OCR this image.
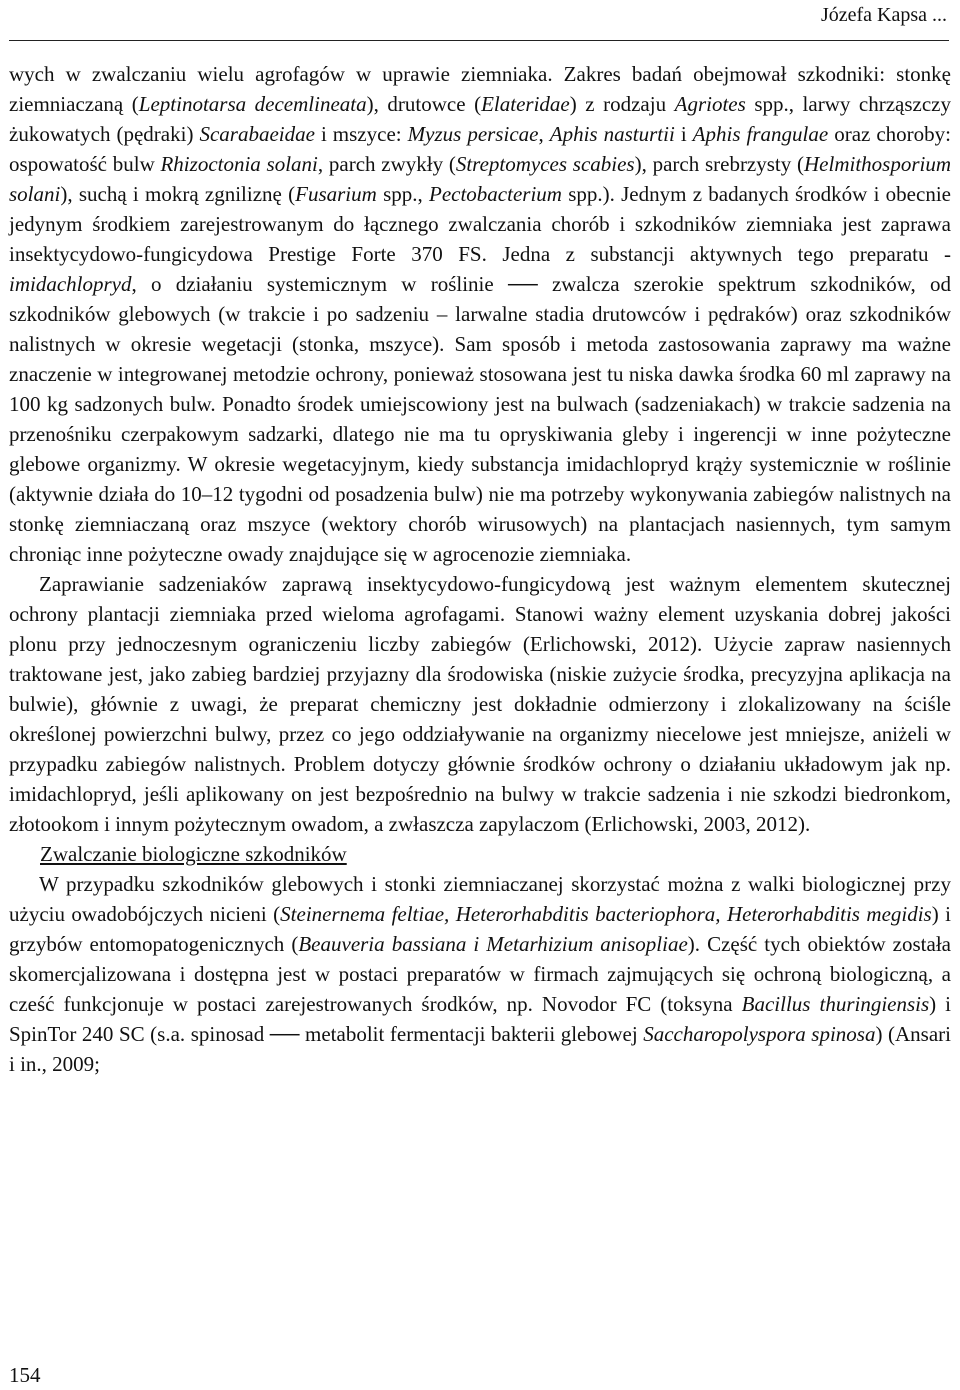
Józefa Kapsa ...

wych w zwalczaniu wielu agrofagów w uprawie ziemniaka. Zakres badań obejmował szkodniki: stonkę ziemniaczaną (Leptinotarsa decemlineata), drutowce (Elateridae) z rodzaju Agriotes spp., larwy chrząszczy żukowatych (pędraki) Scarabaeidae i mszyce: Myzus persicae, Aphis nasturtii i Aphis frangulae oraz choroby: ospowatość bulw Rhizoctonia solani, parch zwykły (Streptomyces scabies), parch srebrzysty (Helmithosporium solani), suchą i mokrą zgniliznę (Fusarium spp., Pectobacterium spp.). Jednym z badanych środków i obecnie jedynym środkiem zarejestrowanym do łącznego zwalczania chorób i szkodników ziemniaka jest zaprawa insektycydowo-fungicydowa Prestige Forte 370 FS. Jedna z substancji aktywnych tego preparatu - imidachlopryd, o działaniu systemicznym w roślinie ── zwalcza szerokie spektrum szkodników, od szkodników glebowych (w trakcie i po sadzeniu – larwalne stadia drutowców i pędraków) oraz szkodników nalistnych w okresie wegetacji (stonka, mszyce). Sam sposób i metoda zastosowania zaprawy ma ważne znaczenie w integrowanej metodzie ochrony, ponieważ stosowana jest tu niska dawka środka 60 ml zaprawy na 100 kg sadzonych bulw. Ponadto środek umiejscowiony jest na bulwach (sadzeniakach) w trakcie sadzenia na przenośniku czerpakowym sadzarki, dlatego nie ma tu opryskiwania gleby i ingerencji w inne pożyteczne glebowe organizmy. W okresie wegetacyjnym, kiedy substancja imidachlopryd krąży systemicznie w roślinie (aktywnie działa do 10–12 tygodni od posadzenia bulw) nie ma potrzeby wykonywania zabiegów nalistnych na stonkę ziemniaczaną oraz mszyce (wektory chorób wirusowych) na plantacjach nasiennych, tym samym chroniąc inne pożyteczne owady znajdujące się w agrocenozie ziemniaka.

Zaprawianie sadzeniaków zaprawą insektycydowo-fungicydową jest ważnym elementem skutecznej ochrony plantacji ziemniaka przed wieloma agrofagami. Stanowi ważny element uzyskania dobrej jakości plonu przy jednoczesnym ograniczeniu liczby zabiegów (Erlichowski, 2012). Użycie zapraw nasiennych traktowane jest, jako zabieg bardziej przyjazny dla środowiska (niskie zużycie środka, precyzyjna aplikacja na bulwie), głównie z uwagi, że preparat chemiczny jest dokładnie odmierzony i zlokalizowany na ściśle określonej powierzchni bulwy, przez co jego oddziaływanie na organizmy niecelowe jest mniejsze, aniżeli w przypadku zabiegów nalistnych. Problem dotyczy głównie środków ochrony o działaniu układowym jak np. imidachlopryd, jeśli aplikowany on jest bezpośrednio na bulwy w trakcie sadzenia i nie szkodzi biedronkom, złotookom i innym pożytecznym owadom, a zwłaszcza zapylaczom (Erlichowski, 2003, 2012).

Zwalczanie biologiczne szkodników

W przypadku szkodników glebowych i stonki ziemniaczanej skorzystać można z walki biologicznej przy użyciu owadobójczych nicieni (Steinernema feltiae, Heterorhabditis bacteriophora, Heterorhabditis megidis) i grzybów entomopatogenicznych (Beauveria bassiana i Metarhizium anisopliae). Część tych obiektów została skomercjalizowana i dostępna jest w postaci preparatów w firmach zajmujących się ochroną biologiczną, a cześć funkcjonuje w postaci zarejestrowanych środków, np. Novodor FC (toksyna Bacillus thuringiensis) i SpinTor 240 SC (s.a. spinosad ── metabolit fermentacji bakterii glebowej Saccharopolyspora spinosa) (Ansari i in., 2009;

154
